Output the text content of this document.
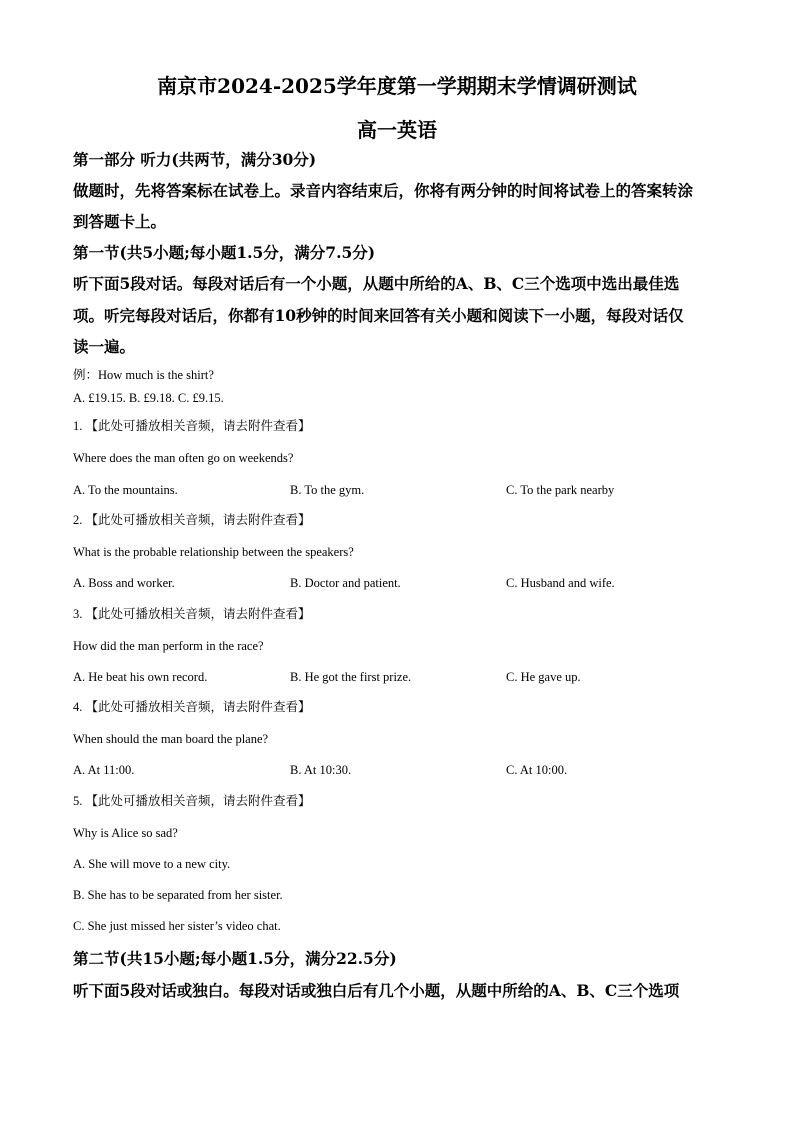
南京市2024-2025学年度第一学期期末学情调研测试
高一英语
第一部分 听力(共两节，满分30分)
做题时，先将答案标在试卷上。录音内容结束后，你将有两分钟的时间将试卷上的答案转涂
到答题卡上。
第一节(共5小题;每小题1.5分，满分7.5分)
听下面5段对话。每段对话后有一个小题，从题中所给的A、B、C三个选项中选出最佳选
项。听完每段对话后，你都有10秒钟的时间来回答有关小题和阅读下一小题，每段对话仅
读一遍。
例：How much is the shirt?
A. £19.15. B. £9.18. C. £9.15.
1. 【此处可播放相关音频，请去附件查看】
Where does the man often go on weekends?
A. To the mountains.	B. To the gym.	C. To the park nearby
2. 【此处可播放相关音频，请去附件查看】
What is the probable relationship between the speakers?
A. Boss and worker.	B. Doctor and patient.	C. Husband and wife.
3. 【此处可播放相关音频，请去附件查看】
How did the man perform in the race?
A. He beat his own record.	B. He got the first prize.	C. He gave up.
4. 【此处可播放相关音频，请去附件查看】
When should the man board the plane?
A. At 11:00.	B. At 10:30.	C. At 10:00.
5. 【此处可播放相关音频，请去附件查看】
Why is Alice so sad?
A. She will move to a new city.
B. She has to be separated from her sister.
C. She just missed her sister’s video chat.
第二节(共15小题;每小题1.5分，满分22.5分)
听下面5段对话或独白。每段对话或独白后有几个小题，从题中所给的A、B、C三个选项
